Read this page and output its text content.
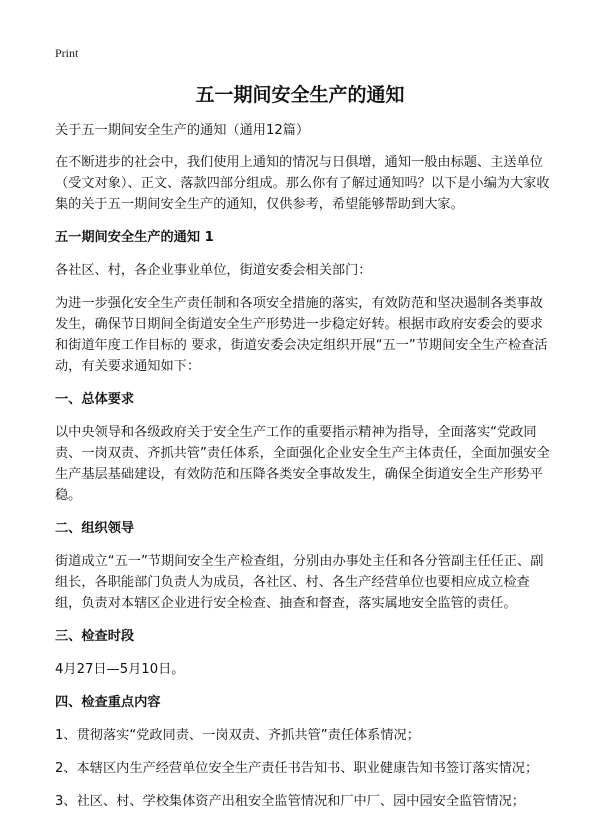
Print
五一期间安全生产的通知

关于五一期间安全生产的通知（通用12篇）

在不断进步的社会中，我们使用上通知的情况与日俱增，通知一般由标题、主送单位（受文对象）、正文、落款四部分组成。那么你有了解过通知吗？以下是小编为大家收集的关于五一期间安全生产的通知，仅供参考，希望能够帮助到大家。

五一期间安全生产的通知 1

各社区、村，各企业事业单位，街道安委会相关部门：

为进一步强化安全生产责任制和各项安全措施的落实，有效防范和坚决遏制各类事故发生，确保节日期间全街道安全生产形势进一步稳定好转。根据市政府安委会的要求和街道年度工作目标的 要求，街道安委会决定组织开展“五一”节期间安全生产检查活动，有关要求通知如下：

一、总体要求

以中央领导和各级政府关于安全生产工作的重要指示精神为指导，全面落实“党政同责、一岗双责、齐抓共管”责任体系，全面强化企业安全生产主体责任，全面加强安全生产基层基础建设，有效防范和压降各类安全事故发生，确保全街道安全生产形势平稳。

二、组织领导

街道成立“五一”节期间安全生产检查组，分别由办事处主任和各分管副主任任正、副组长，各职能部门负责人为成员，各社区、村、各生产经营单位也要相应成立检查组，负责对本辖区企业进行安全检查、抽查和督查，落实属地安全监管的责任。

三、检查时段

4月27日—5月10日。

四、检查重点内容

1、贯彻落实“党政同责、一岗双责、齐抓共管”责任体系情况；

2、本辖区内生产经营单位安全生产责任书告知书、职业健康告知书签订落实情况；

3、社区、村、学校集体资产出租安全监管情况和厂中厂、园中园安全监管情况；
